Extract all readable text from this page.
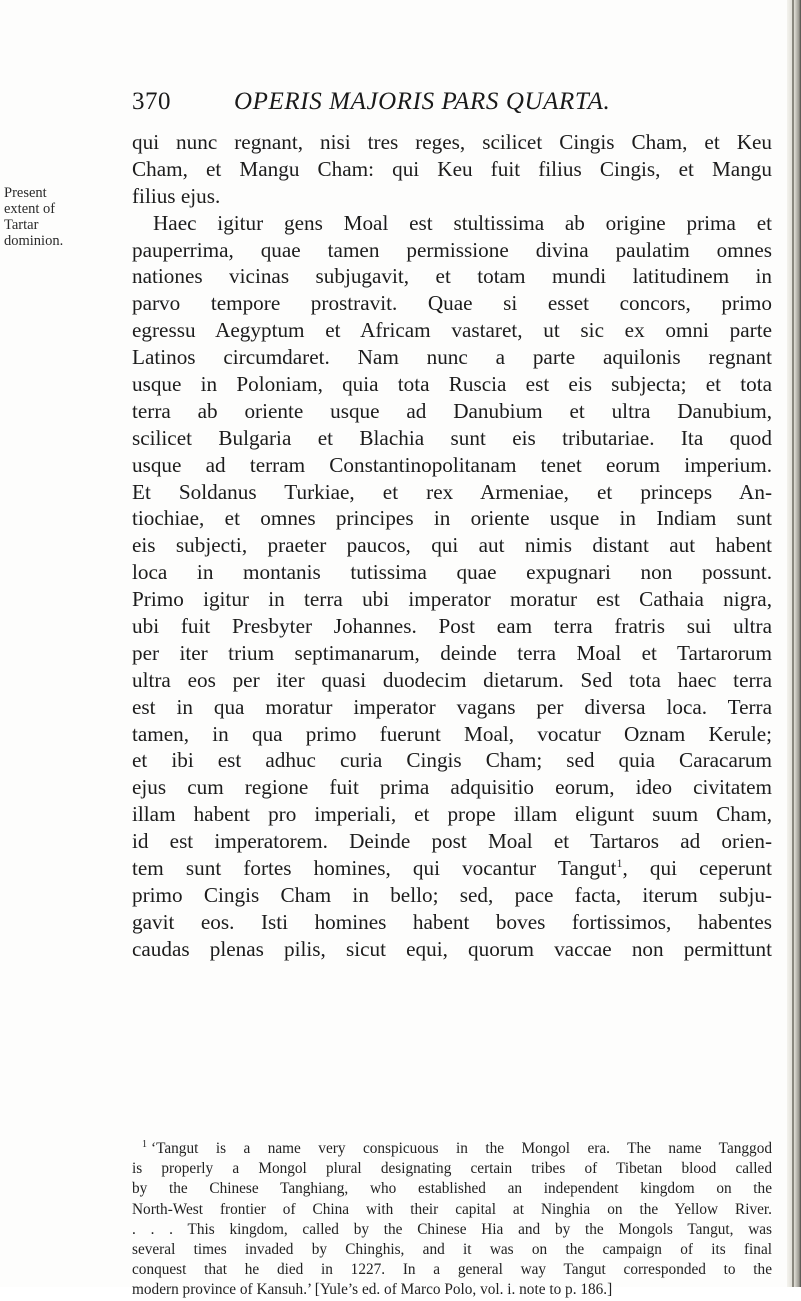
370	OPERIS MAJORIS PARS QUARTA.
Present
extent of
Tartar
dominion.
qui nunc regnant, nisi tres reges, scilicet Cingis Cham, et Keu
Cham, et Mangu Cham: qui Keu fuit filius Cingis, et Mangu
filius ejus.
Haec igitur gens Moal est stultissima ab origine prima et
pauperrima, quae tamen permissione divina paulatim omnes
nationes vicinas subjugavit, et totam mundi latitudinem in
parvo tempore prostravit. Quae si esset concors, primo
egressu Aegyptum et Africam vastaret, ut sic ex omni parte
Latinos circumdaret. Nam nunc a parte aquilonis regnant
usque in Poloniam, quia tota Ruscia est eis subjecta; et tota
terra ab oriente usque ad Danubium et ultra Danubium,
scilicet Bulgaria et Blachia sunt eis tributariae. Ita quod
usque ad terram Constantinopolitanam tenet eorum imperium.
Et Soldanus Turkiae, et rex Armeniae, et princeps An-
tiochiae, et omnes principes in oriente usque in Indiam sunt
eis subjecti, praeter paucos, qui aut nimis distant aut habent
loca in montanis tutissima quae expugnari non possunt.
Primo igitur in terra ubi imperator moratur est Cathaia nigra,
ubi fuit Presbyter Johannes. Post eam terra fratris sui ultra
per iter trium septimanarum, deinde terra Moal et Tartarorum
ultra eos per iter quasi duodecim dietarum. Sed tota haec terra
est in qua moratur imperator vagans per diversa loca. Terra
tamen, in qua primo fuerunt Moal, vocatur Oznam Kerule;
et ibi est adhuc curia Cingis Cham; sed quia Caracarum
ejus cum regione fuit prima adquisitio eorum, ideo civitatem
illam habent pro imperiali, et prope illam eligunt suum Cham,
id est imperatorem. Deinde post Moal et Tartaros ad orien-
tem sunt fortes homines, qui vocantur Tangut$^1$, qui ceperunt
primo Cingis Cham in bello; sed, pace facta, iterum subju-
gavit eos. Isti homines habent boves fortissimos, habentes
caudas plenas pilis, sicut equi, quorum vaccae non permittunt
$^1$ ‘Tangut is a name very conspicuous in the Mongol era. The name Tanggod
is properly a Mongol plural designating certain tribes of Tibetan blood called
by the Chinese Tanghiang, who established an independent kingdom on the
North-West frontier of China with their capital at Ninghia on the Yellow River.
. . . This kingdom, called by the Chinese Hia and by the Mongols Tangut, was
several times invaded by Chinghis, and it was on the campaign of its final
conquest that he died in 1227. In a general way Tangut corresponded to the
modern province of Kansuh.’ [Yule’s ed. of Marco Polo, vol. i. note to p. 186.]
